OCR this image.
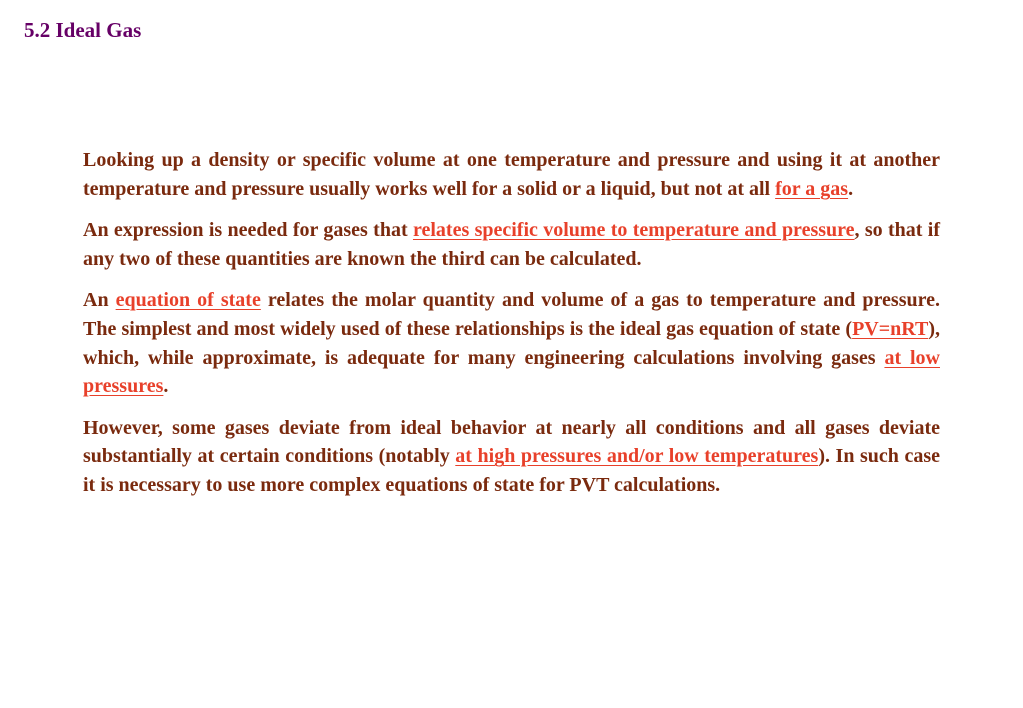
5.2 Ideal Gas

Looking up a density or specific volume at one temperature and pressure and using it at another temperature and pressure usually works well for a solid or a liquid, but not at all for a gas.

An expression is needed for gases that relates specific volume to temperature and pressure, so that if any two of these quantities are known the third can be calculated.

An equation of state relates the molar quantity and volume of a gas to temperature and pressure. The simplest and most widely used of these relationships is the ideal gas equation of state (PV=nRT), which, while approximate, is adequate for many engineering calculations involving gases at low pressures.

However, some gases deviate from ideal behavior at nearly all conditions and all gases deviate substantially at certain conditions (notably at high pressures and/or low temperatures). In such case it is necessary to use more complex equations of state for PVT calculations.
